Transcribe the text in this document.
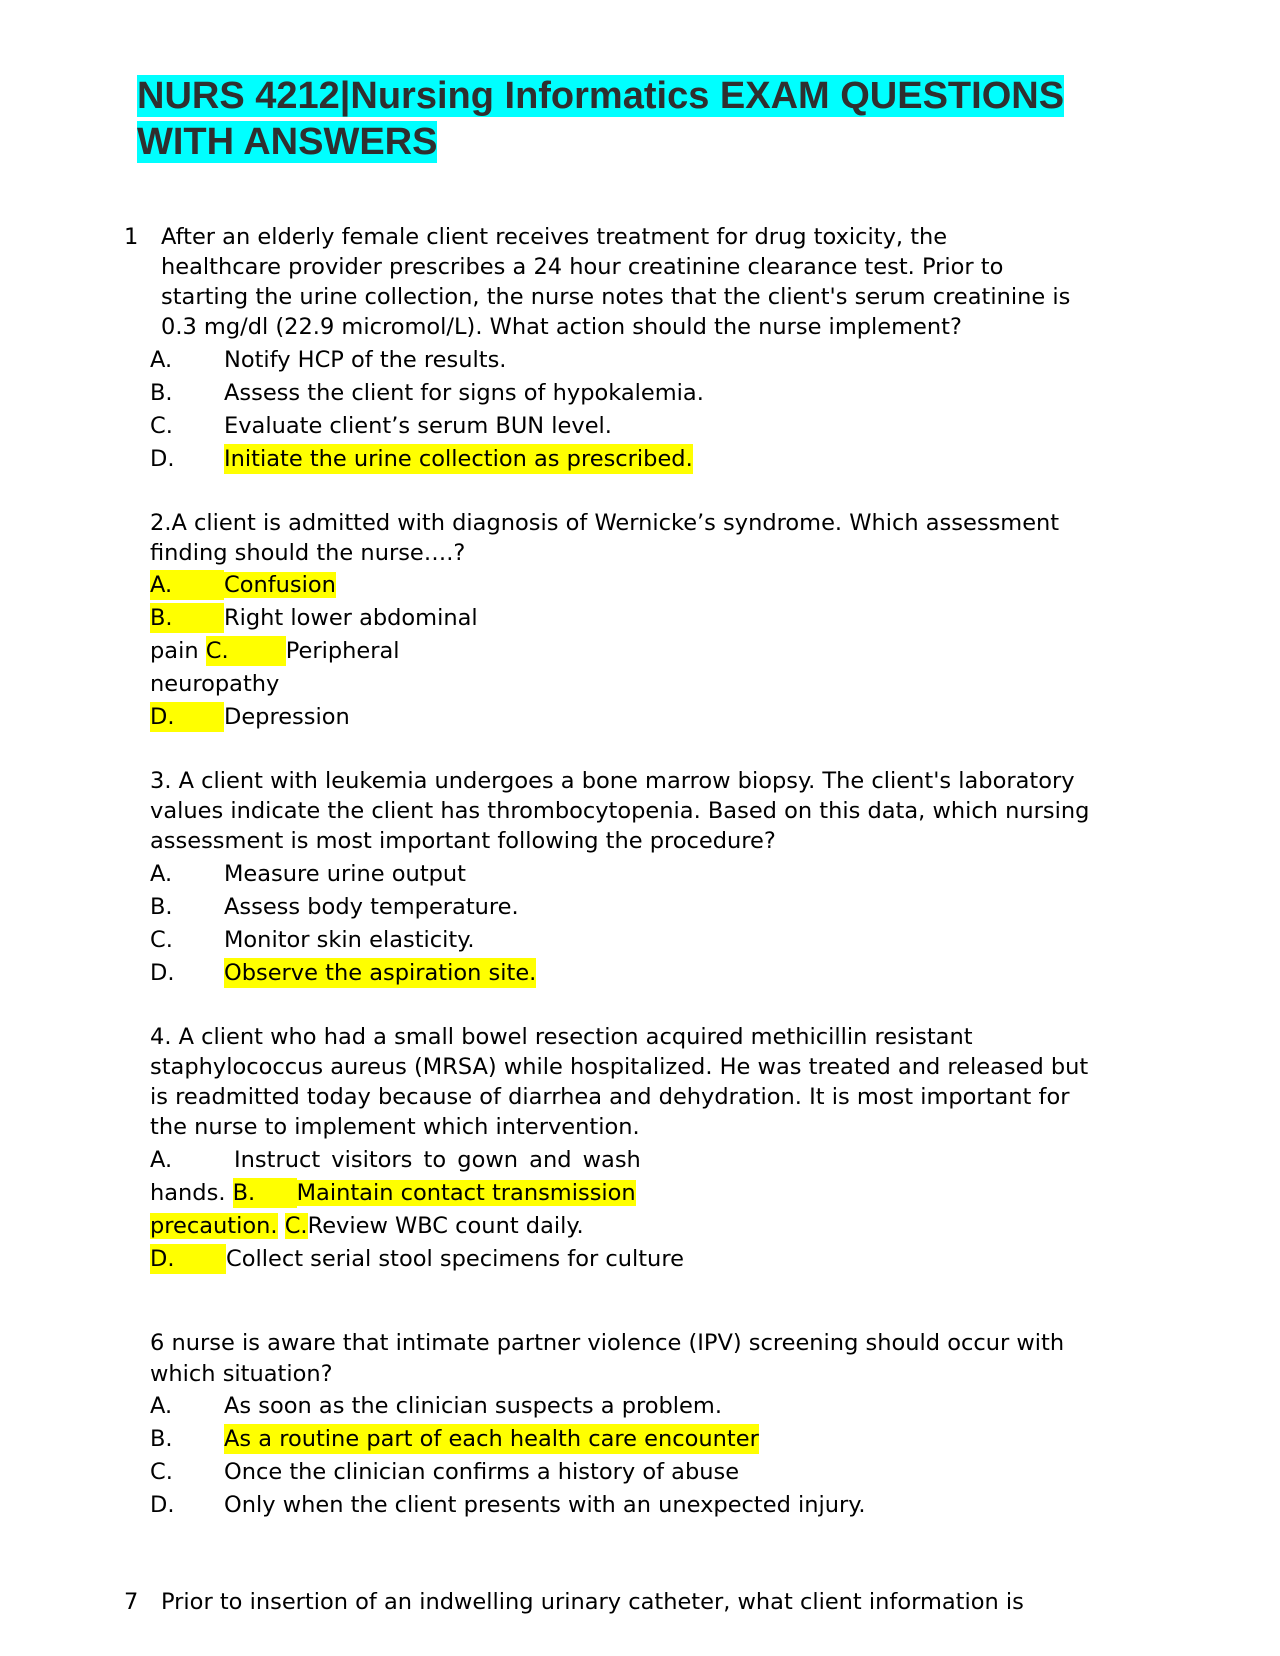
NURS 4212|Nursing Informatics EXAM QUESTIONS
WITH ANSWERS
1 After an elderly female client receives treatment for drug toxicity, the
healthcare provider prescribes a 24 hour creatinine clearance test. Prior to
starting the urine collection, the nurse notes that the client's serum creatinine is
0.3 mg/dl (22.9 micromol/L). What action should the nurse implement?
A. Notify HCP of the results.
B. Assess the client for signs of hypokalemia.
C. Evaluate client’s serum BUN level.
D. Initiate the urine collection as prescribed.
2.A client is admitted with diagnosis of Wernicke’s syndrome. Which assessment
finding should the nurse….?
A. Confusion
B. Right lower abdominal
pain C.	Peripheral
neuropathy
D. Depression
3. A client with leukemia undergoes a bone marrow biopsy. The client's laboratory
values indicate the client has thrombocytopenia. Based on this data, which nursing
assessment is most important following the procedure?
A. Measure urine output
B. Assess body temperature.
C. Monitor skin elasticity.
D. Observe the aspiration site.
4. A client who had a small bowel resection acquired methicillin resistant
staphylococcus aureus (MRSA) while hospitalized. He was treated and released but
is readmitted today because of diarrhea and dehydration. It is most important for
the nurse to implement which intervention.
A.	Instruct visitors to gown and wash
hands. B. Maintain contact transmission
precaution. C.Review WBC count daily.
D. Collect serial stool specimens for culture
6 nurse is aware that intimate partner violence (IPV) screening should occur with
which situation?
A. As soon as the clinician suspects a problem.
B. As a routine part of each health care encounter
C. Once the clinician confirms a history of abuse
D. Only when the client presents with an unexpected injury.
7 Prior to insertion of an indwelling urinary catheter, what client information is
